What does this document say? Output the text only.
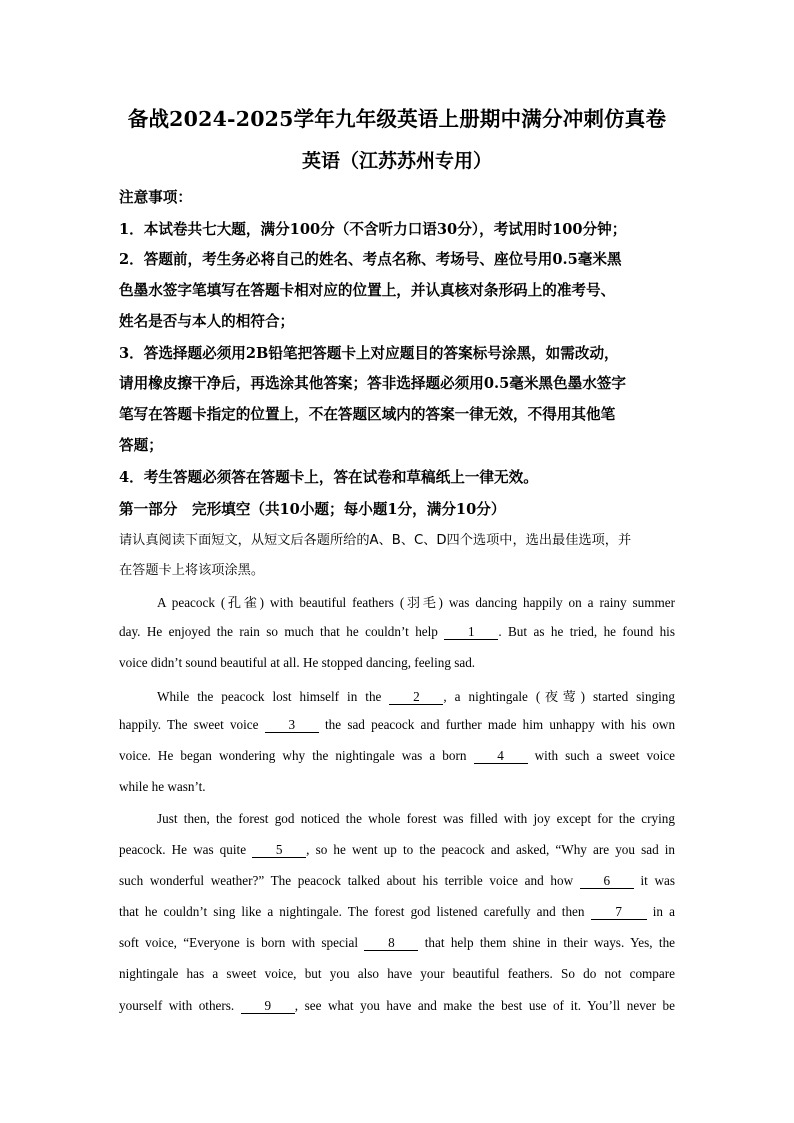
备战2024-2025学年九年级英语上册期中满分冲刺仿真卷
英语（江苏苏州专用）
注意事项：
1．本试卷共七大题，满分100分（不含听力口语30分），考试用时100分钟；
2．答题前，考生务必将自己的姓名、考点名称、考场号、座位号用0.5毫米黑
色墨水签字笔填写在答题卡相对应的位置上，并认真核对条形码上的准考号、
姓名是否与本人的相符合；
3．答选择题必须用2B铅笔把答题卡上对应题目的答案标号涂黑，如需改动，
请用橡皮擦干净后，再选涂其他答案；答非选择题必须用0.5毫米黑色墨水签字
笔写在答题卡指定的位置上，不在答题区域内的答案一律无效，不得用其他笔
答题；
4．考生答题必须答在答题卡上，答在试卷和草稿纸上一律无效。
第一部分　完形填空（共10小题；每小题1分，满分10分）
请认真阅读下面短文，从短文后各题所给的A、B、C、D四个选项中，选出最佳选项，并
在答题卡上将该项涂黑。
A peacock (孔雀) with beautiful feathers (羽毛) was dancing happily on a rainy summer
day. He enjoyed the rain so much that he couldn’t help 1 . But as he tried, he found his
voice didn’t sound beautiful at all. He stopped dancing, feeling sad.
While the peacock lost himself in the 2 , a nightingale (夜莺) started singing
happily. The sweet voice 3 the sad peacock and further made him unhappy with his own
voice. He began wondering why the nightingale was a born 4 with such a sweet voice
while he wasn’t.
Just then, the forest god noticed the whole forest was filled with joy except for the crying
peacock. He was quite 5 , so he went up to the peacock and asked, “Why are you sad in
such wonderful weather?” The peacock talked about his terrible voice and how 6 it was
that he couldn’t sing like a nightingale. The forest god listened carefully and then 7 in a
soft voice, “Everyone is born with special 8 that help them shine in their ways. Yes, the
nightingale has a sweet voice, but you also have your beautiful feathers. So do not compare
yourself with others. 9 , see what you have and make the best use of it. You’ll never be
